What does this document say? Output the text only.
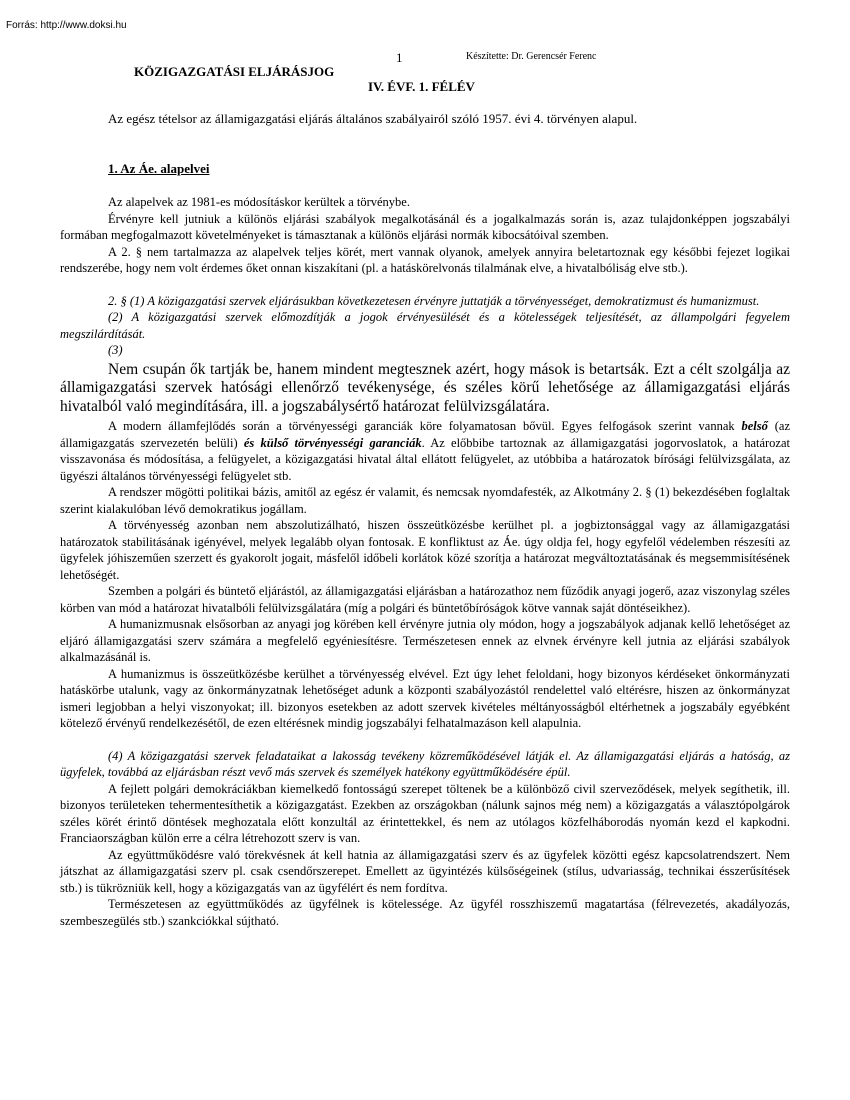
Forrás: http://www.doksi.hu
1	Készítette: Dr. Gerencsér Ferenc
KÖZIGAZGATÁSI ELJÁRÁSJOG
IV. ÉVF. 1. FÉLÉV
Az egész tételsor az államigazgatási eljárás általános szabályairól szóló 1957. évi 4. törvényen alapul.
1. Az Áe. alapelvei

Az alapelvek az 1981-es módosításkor kerültek a törvénybe.

Érvényre kell jutniuk a különös eljárási szabályok megalkotásánál és a jogalkalmazás során is, azaz tulajdonképpen jogszabályi formában megfogalmazott követelményeket is támasztanak a különös eljárási normák kibocsátóival szemben.

A 2. § nem tartalmazza az alapelvek teljes körét, mert vannak olyanok, amelyek annyira beletartoznak egy későbbi fejezet logikai rendszerébe, hogy nem volt érdemes őket onnan kiszakítani (pl. a hatáskörelvonás tilalmának elve, a hivatalbóliság elve stb.).

2. § (1) A közigazgatási szervek eljárásukban következetesen érvényre juttatják a törvényességet, demokratizmust és humanizmust.

(2) A közigazgatási szervek előmozdítják a jogok érvényesülését és a kötelességek teljesítését, az állampolgári fegyelem megszilárdítását.

(3)

Nem csupán ők tartják be, hanem mindent megtesznek azért, hogy mások is betartsák. Ezt a célt szolgálja az államigazgatási szervek hatósági ellenőrző tevékenysége, és széles körű lehetősége az államigazgatási eljárás hivatalból való megindítására, ill. a jogszabálysértő határozat felülvizsgálatára.

A modern államfejlődés során a törvényességi garanciák köre folyamatosan bővül. Egyes felfogások szerint vannak belső (az államigazgatás szervezetén belüli) és külső törvényességi garanciák. Az előbbibe tartoznak az államigazgatási jogorvoslatok, a határozat visszavonása és módosítása, a felügyelet, a közigazgatási hivatal által ellátott felügyelet, az utóbbiba a határozatok bírósági felülvizsgálata, az ügyészi általános törvényességi felügyelet stb.

A rendszer mögötti politikai bázis, amitől az egész ér valamit, és nemcsak nyomdafesték, az Alkotmány 2. § (1) bekezdésében foglaltak szerint kialakulóban lévő demokratikus jogállam.

A törvényesség azonban nem abszolutizálható, hiszen összeütközésbe kerülhet pl. a jogbiztonsággal vagy az államigazgatási határozatok stabilitásának igényével, melyek legalább olyan fontosak. E konfliktust az Áe. úgy oldja fel, hogy egyfelől védelemben részesíti az ügyfelek jóhiszeműen szerzett és gyakorolt jogait, másfelől időbeli korlátok közé szorítja a határozat megváltoztatásának és megsemmisítésének lehetőségét.

Szemben a polgári és büntető eljárástól, az államigazgatási eljárásban a határozathoz nem fűződik anyagi jogerő, azaz viszonylag széles körben van mód a határozat hivatalbóli felülvizsgálatára (míg a polgári és büntetőbíróságok kötve vannak saját döntéseikhez).

A humanizmusnak elsősorban az anyagi jog körében kell érvényre jutnia oly módon, hogy a jogszabályok adjanak kellő lehetőséget az eljáró államigazgatási szerv számára a megfelelő egyéniesítésre. Természetesen ennek az elvnek érvényre kell jutnia az eljárási szabályok alkalmazásánál is.

A humanizmus is összeütközésbe kerülhet a törvényesség elvével. Ezt úgy lehet feloldani, hogy bizonyos kérdéseket önkormányzati hatáskörbe utalunk, vagy az önkormányzatnak lehetőséget adunk a központi szabályozástól rendelettel való eltérésre, hiszen az önkormányzat ismeri legjobban a helyi viszonyokat; ill. bizonyos esetekben az adott szervek kivételes méltányosságból eltérhetnek a jogszabály egyébként kötelező érvényű rendelkezésétől, de ezen eltérésnek mindig jogszabályi felhatalmazáson kell alapulnia.

(4) A közigazgatási szervek feladataikat a lakosság tevékeny közreműködésével látják el. Az államigazgatási eljárás a hatóság, az ügyfelek, továbbá az eljárásban részt vevő más szervek és személyek hatékony együttműködésére épül.

A fejlett polgári demokráciákban kiemelkedő fontosságú szerepet töltenek be a különböző civil szerveződések, melyek segíthetik, ill. bizonyos területeken tehermentesíthetik a közigazgatást. Ezekben az országokban (nálunk sajnos még nem) a közigazgatás a választópolgárok széles körét érintő döntések meghozatala előtt konzultál az érintettekkel, és nem az utólagos közfelháborodás nyomán kezd el kapkodni. Franciaországban külön erre a célra létrehozott szerv is van.

Az együttműködésre való törekvésnek át kell hatnia az államigazgatási szerv és az ügyfelek közötti egész kapcsolatrendszert. Nem játszhat az államigazgatási szerv pl. csak csendőrszerepet. Emellett az ügyintézés külsőségeinek (stílus, udvariasság, technikai ésszerűsítések stb.) is tükrözniük kell, hogy a közigazgatás van az ügyfélért és nem fordítva.

Természetesen az együttműködés az ügyfélnek is kötelessége. Az ügyfél rosszhiszemű magatartása (félrevezetés, akadályozás, szembeszegülés stb.) szankciókkal sújtható.
